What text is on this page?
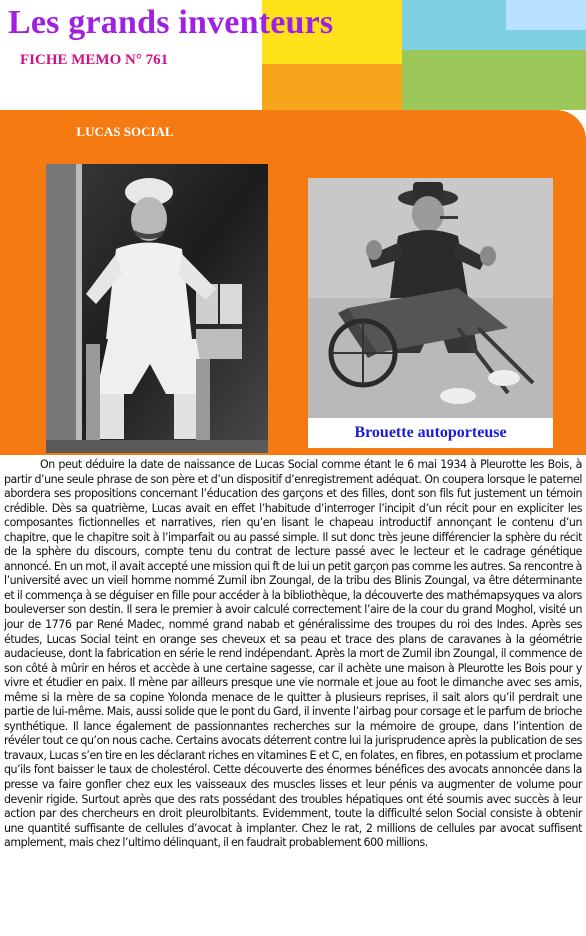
Les grands inventeurs
FICHE MEMO N° 761
LUCAS SOCIAL
Brouette autoporteuse

On peut déduire la date de naissance de Lucas Social comme étant le 6 mai 1934 à Pleurotte les Bois, à partir d’une seule phrase de son père et d’un dispositif d’enregistrement adéquat. On coupera lorsque le paternel abordera ses propositions concernant l’éducation des garçons et des filles, dont son fils fut justement un témoin crédible. Dès sa quatrième, Lucas avait en effet l’habitude d’interroger l’incipit d’un récit pour en expliciter les composantes fictionnelles et narratives, rien qu’en lisant le chapeau introductif annonçant le contenu d’un chapitre, que le chapitre soit à l’imparfait ou au passé simple. Il sut donc très jeune différencier la sphère du récit de la sphère du discours, compte tenu du contrat de lecture passé avec le lecteur et le cadrage génétique annoncé. En un mot, il avait accepté une mission qui ft de lui un petit garçon pas comme les autres. Sa rencontre à l’université avec un vieil homme nommé Zumil ibn Zoungal, de la tribu des Blinis Zoungal, va être déterminante et il commença à se déguiser en fille pour accéder à la bibliothèque, la découverte des mathémapsyques va alors bouleverser son destin. Il sera le premier à avoir calculé correctement l’aire de la cour du grand Moghol, visité un jour de 1776 par René Madec, nommé grand nabab et généralissime des troupes du roi des Indes. Après ses études, Lucas Social teint en orange ses cheveux et sa peau et trace des plans de caravanes à la géométrie audacieuse, dont la fabrication en série le rend indépendant. Après la mort de Zumil ibn Zoungal, il commence de son côté à mûrir en héros et accède à une certaine sagesse, car il achète une maison à Pleurotte les Bois pour y vivre et étudier en paix. Il mène par ailleurs presque une vie normale et joue au foot le dimanche avec ses amis, même si la mère de sa copine Yolonda menace de le quitter à plusieurs reprises, il sait alors qu’il perdrait une partie de lui-même. Mais, aussi solide que le pont du Gard, il invente l’airbag pour corsage et le parfum de brioche synthétique. Il lance également de passionnantes recherches sur la mémoire de groupe, dans l’intention de révéler tout ce qu’on nous cache. Certains avocats déterrent contre lui la jurisprudence après la publication de ses travaux, Lucas s’en tire en les déclarant riches en vitamines E et C, en folates, en fibres, en potassium et proclame qu’ils font baisser le taux de cholestérol. Cette découverte des énormes bénéfices des avocats annoncée dans la presse va faire gonfler chez eux les vaisseaux des muscles lisses et leur pénis va augmenter de volume pour devenir rigide. Surtout après que des rats possédant des troubles hépatiques ont été soumis avec succès à leur action par des chercheurs en droit pleurolbitants. Evidemment, toute la difficulté selon Social consiste à obtenir une quantité suffisante de cellules d’avocat à implanter. Chez le rat, 2 millions de cellules par avocat suffisent amplement, mais chez l’ultimo délinquant, il en faudrait probablement 600 millions.
